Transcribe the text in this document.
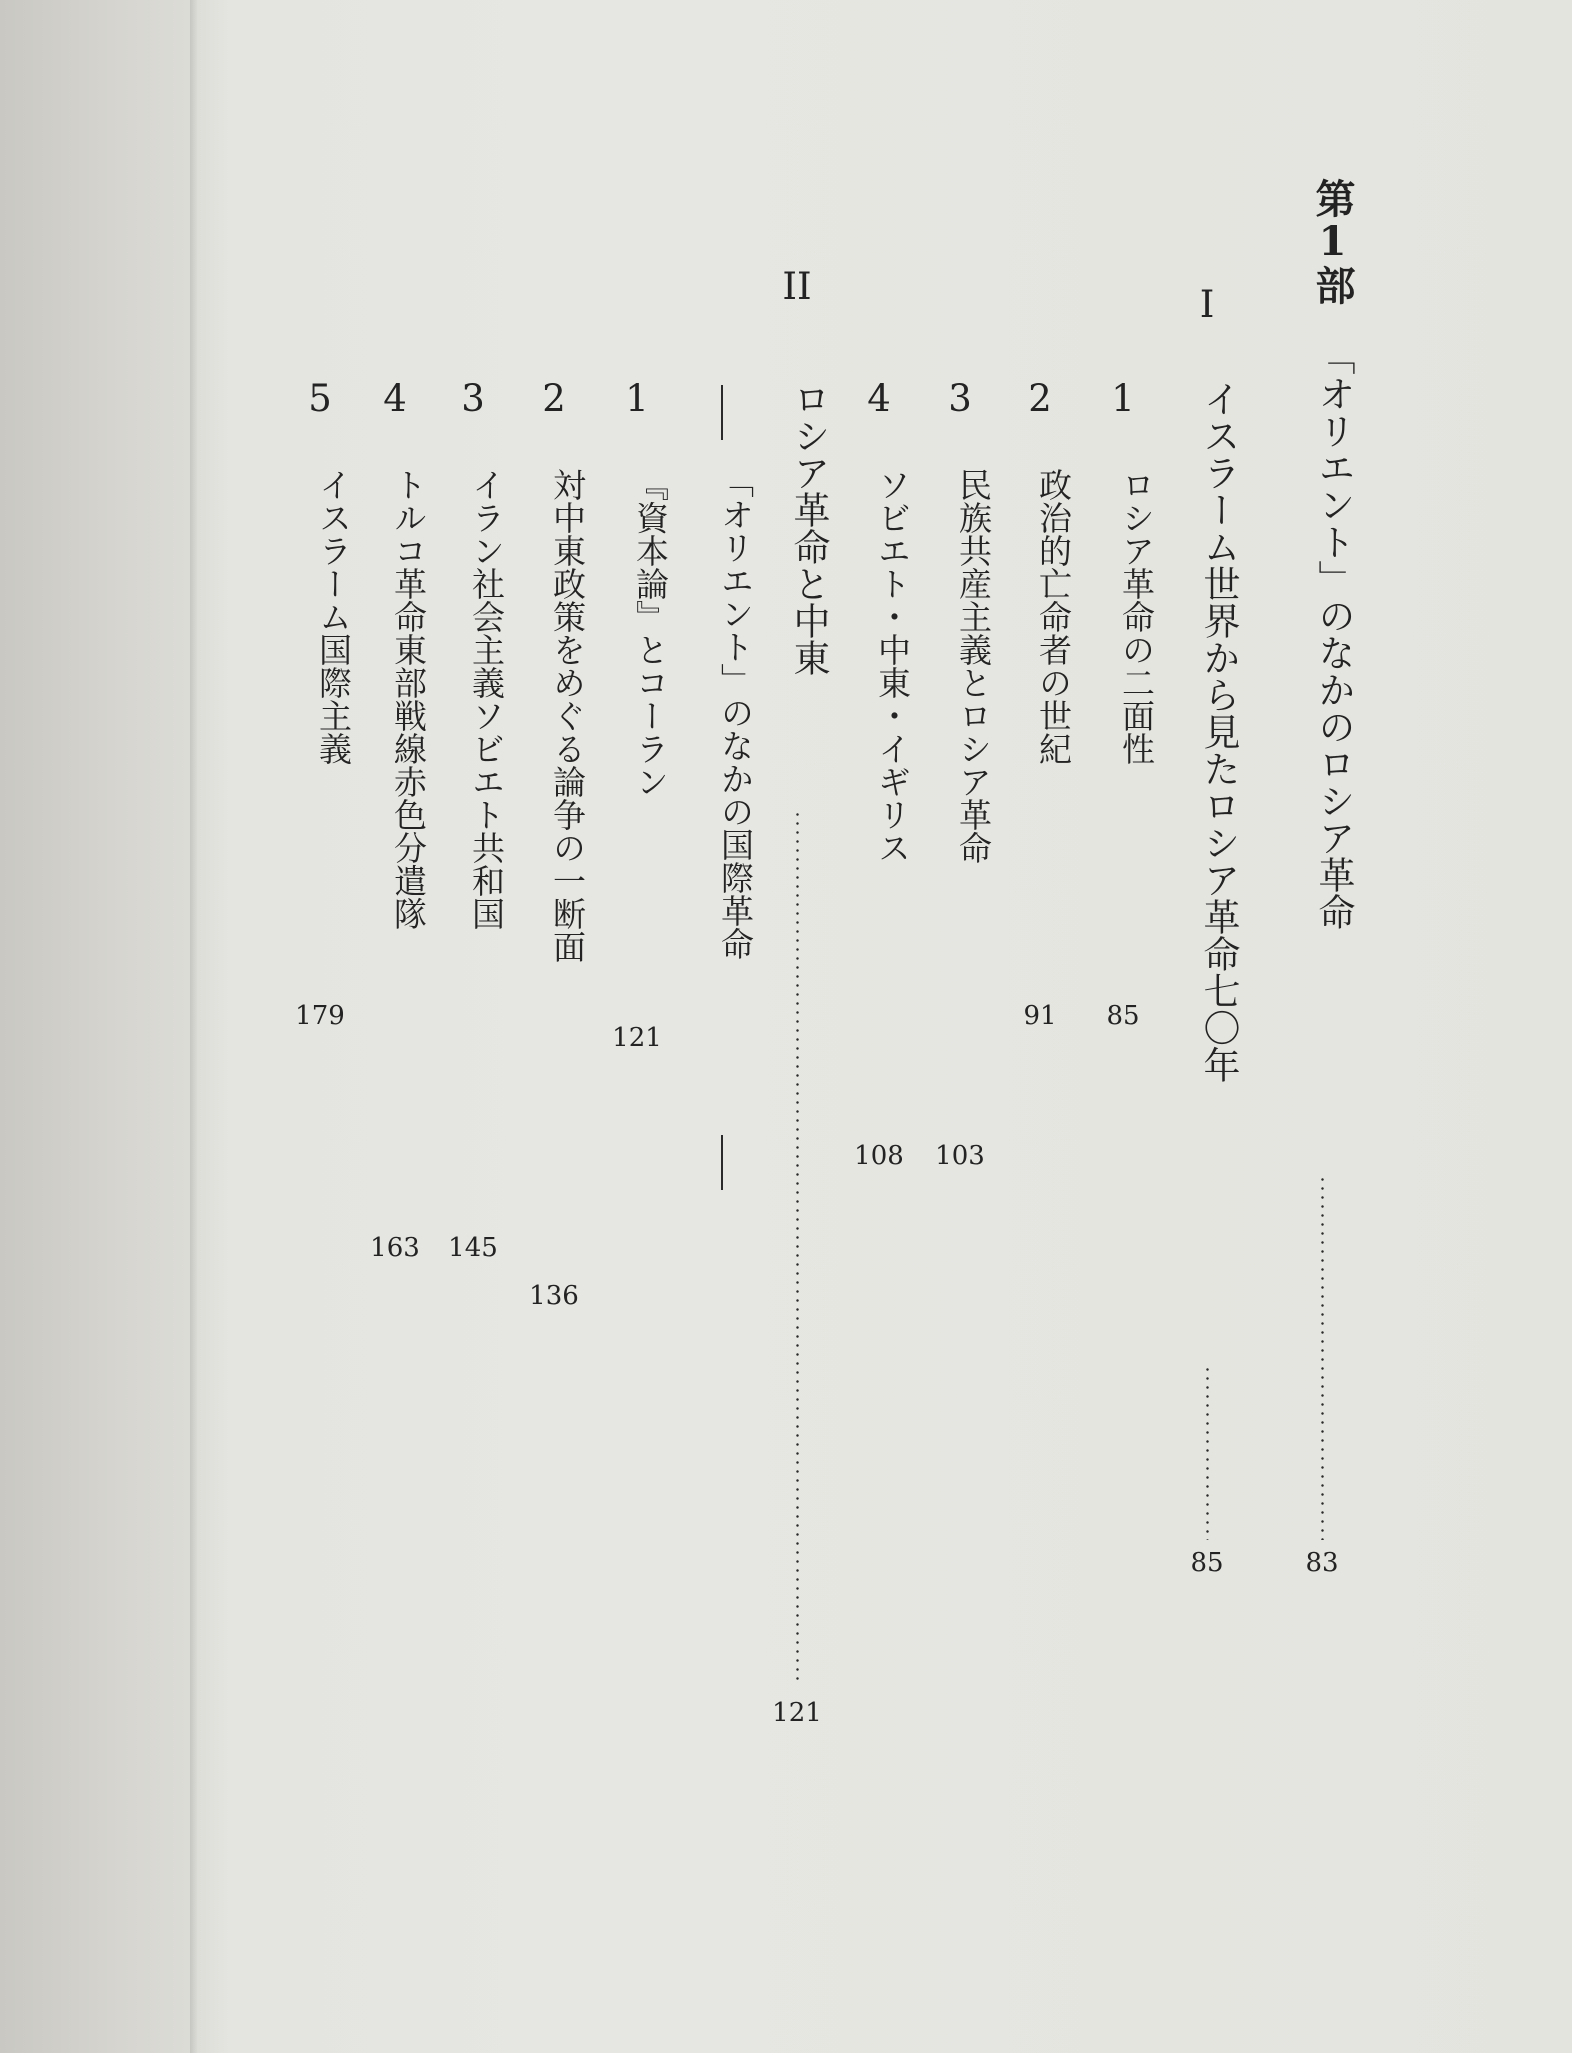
第1部
「オリエント」のなかのロシア革命
83
I
イスラーム世界から見たロシア革命七〇年
85
1
ロシア革命の二面性
85
2
政治的亡命者の世紀
91
3
民族共産主義とロシア革命
103
4
ソビエト・中東・イギリス
108
II
ロシア革命と中東
121
「オリエント」のなかの国際革命
1
『資本論』とコーラン
121
2
対中東政策をめぐる論争の一断面
136
3
イラン社会主義ソビエト共和国
145
4
トルコ革命東部戦線赤色分遣隊
163
5
イスラーム国際主義
179
